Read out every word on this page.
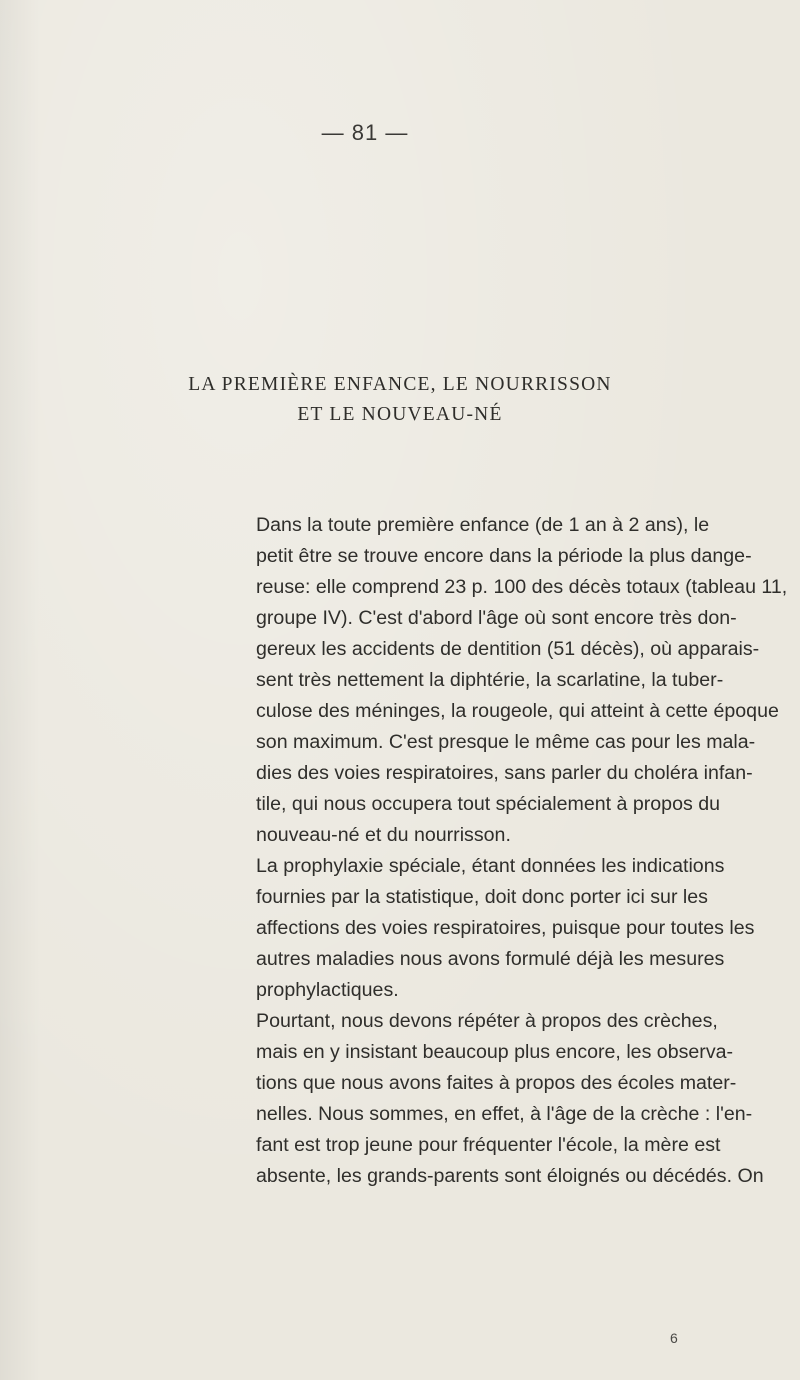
— 81 —
LA PREMIÈRE ENFANCE, LE NOURRISSON
ET LE NOUVEAU-NÉ

Dans la toute première enfance (de 1 an à 2 ans), le
petit être se trouve encore dans la période la plus dange-
reuse: elle comprend 23 p. 100 des décès totaux (tableau 11,
groupe IV). C'est d'abord l'âge où sont encore très don-
gereux les accidents de dentition (51 décès), où apparais-
sent très nettement la diphtérie, la scarlatine, la tuber-
culose des méninges, la rougeole, qui atteint à cette époque
son maximum. C'est presque le même cas pour les mala-
dies des voies respiratoires, sans parler du choléra infan-
tile, qui nous occupera tout spécialement à propos du
nouveau-né et du nourrisson.

La prophylaxie spéciale, étant données les indications
fournies par la statistique, doit donc porter ici sur les
affections des voies respiratoires, puisque pour toutes les
autres maladies nous avons formulé déjà les mesures
prophylactiques.

Pourtant, nous devons répéter à propos des crèches,
mais en y insistant beaucoup plus encore, les observa-
tions que nous avons faites à propos des écoles mater-
nelles. Nous sommes, en effet, à l'âge de la crèche : l'en-
fant est trop jeune pour fréquenter l'école, la mère est
absente, les grands-parents sont éloignés ou décédés. On

6
